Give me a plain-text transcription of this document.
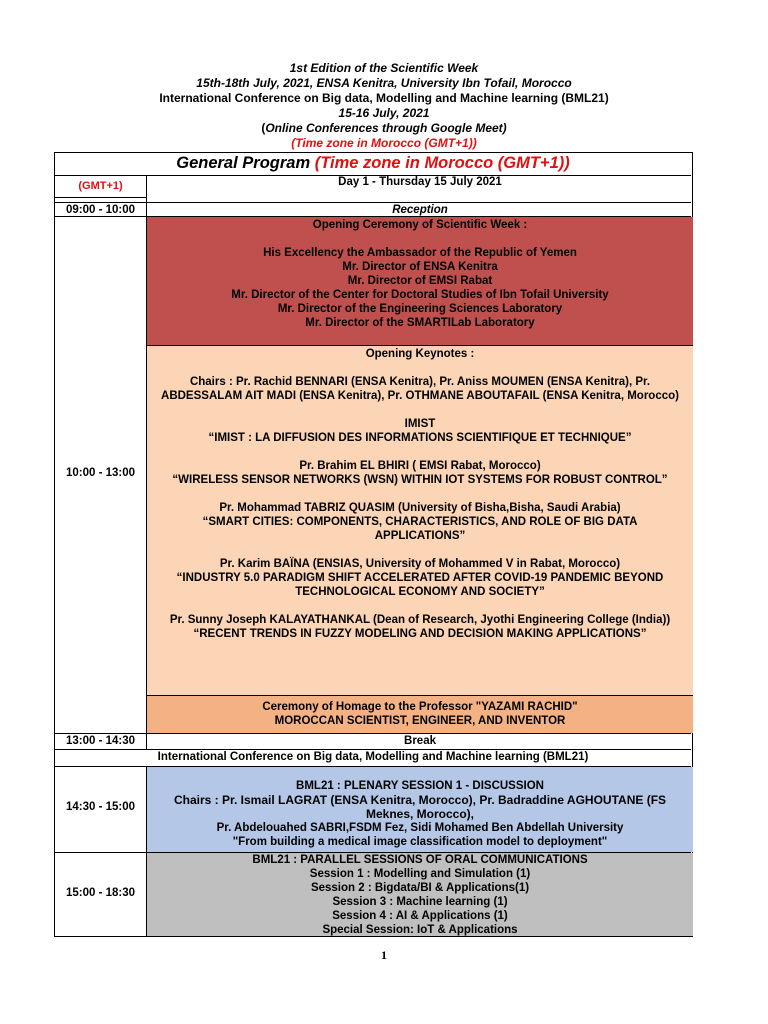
1st Edition of the Scientific Week
15th-18th July, 2021, ENSA Kenitra, University Ibn Tofail, Morocco
International Conference on Big data, Modelling and Machine learning (BML21)
15-16 July, 2021
(Online Conferences through Google Meet)
(Time zone in Morocco (GMT+1))
General Program (Time zone in Morocco (GMT+1))
(GMT+1)	Day 1 - Thursday 15 July 2021
09:00 - 10:00	Reception
10:00 - 13:00
Opening Ceremony of Scientific Week :
His Excellency the Ambassador of the Republic of Yemen
Mr. Director of ENSA Kenitra
Mr. Director of EMSI Rabat
Mr. Director of the Center for Doctoral Studies of Ibn Tofail University
Mr. Director of the Engineering Sciences Laboratory
Mr. Director of the SMARTILab Laboratory
Opening Keynotes :
Chairs : Pr. Rachid BENNARI (ENSA Kenitra), Pr. Aniss MOUMEN (ENSA Kenitra), Pr. ABDESSALAM AIT MADI (ENSA Kenitra), Pr. OTHMANE ABOUTAFAIL (ENSA Kenitra, Morocco)
IMIST
“IMIST : LA DIFFUSION DES INFORMATIONS SCIENTIFIQUE ET TECHNIQUE”
Pr. Brahim EL BHIRI ( EMSI Rabat, Morocco)
“WIRELESS SENSOR NETWORKS (WSN) WITHIN IOT SYSTEMS FOR ROBUST CONTROL”
Pr. Mohammad TABRIZ QUASIM (University of Bisha,Bisha, Saudi Arabia)
“SMART CITIES: COMPONENTS, CHARACTERISTICS, AND ROLE OF BIG DATA APPLICATIONS”
Pr. Karim BAÏNA (ENSIAS, University of Mohammed V in Rabat, Morocco)
“INDUSTRY 5.0 PARADIGM SHIFT ACCELERATED AFTER COVID-19 PANDEMIC BEYOND TECHNOLOGICAL ECONOMY AND SOCIETY”
Pr. Sunny Joseph KALAYATHANKAL (Dean of Research, Jyothi Engineering College (India))
“RECENT TRENDS IN FUZZY MODELING AND DECISION MAKING APPLICATIONS”
Ceremony of Homage to the Professor "YAZAMI RACHID"
MOROCCAN SCIENTIST, ENGINEER, AND INVENTOR
13:00 - 14:30	Break
International Conference on Big data, Modelling and Machine learning (BML21)
14:30 - 15:00
BML21 : PLENARY SESSION 1 - DISCUSSION
Chairs : Pr. Ismail LAGRAT (ENSA Kenitra, Morocco), Pr. Badraddine AGHOUTANE (FS Meknes, Morocco),
Pr. Abdelouahed SABRI,FSDM Fez, Sidi Mohamed Ben Abdellah University
"From building a medical image classification model to deployment"
15:00 - 18:30
BML21 : PARALLEL SESSIONS OF ORAL COMMUNICATIONS
Session 1 : Modelling and Simulation (1)
Session 2 : Bigdata/BI & Applications(1)
Session 3 : Machine learning (1)
Session 4 : AI & Applications (1)
Special Session: IoT & Applications
1
